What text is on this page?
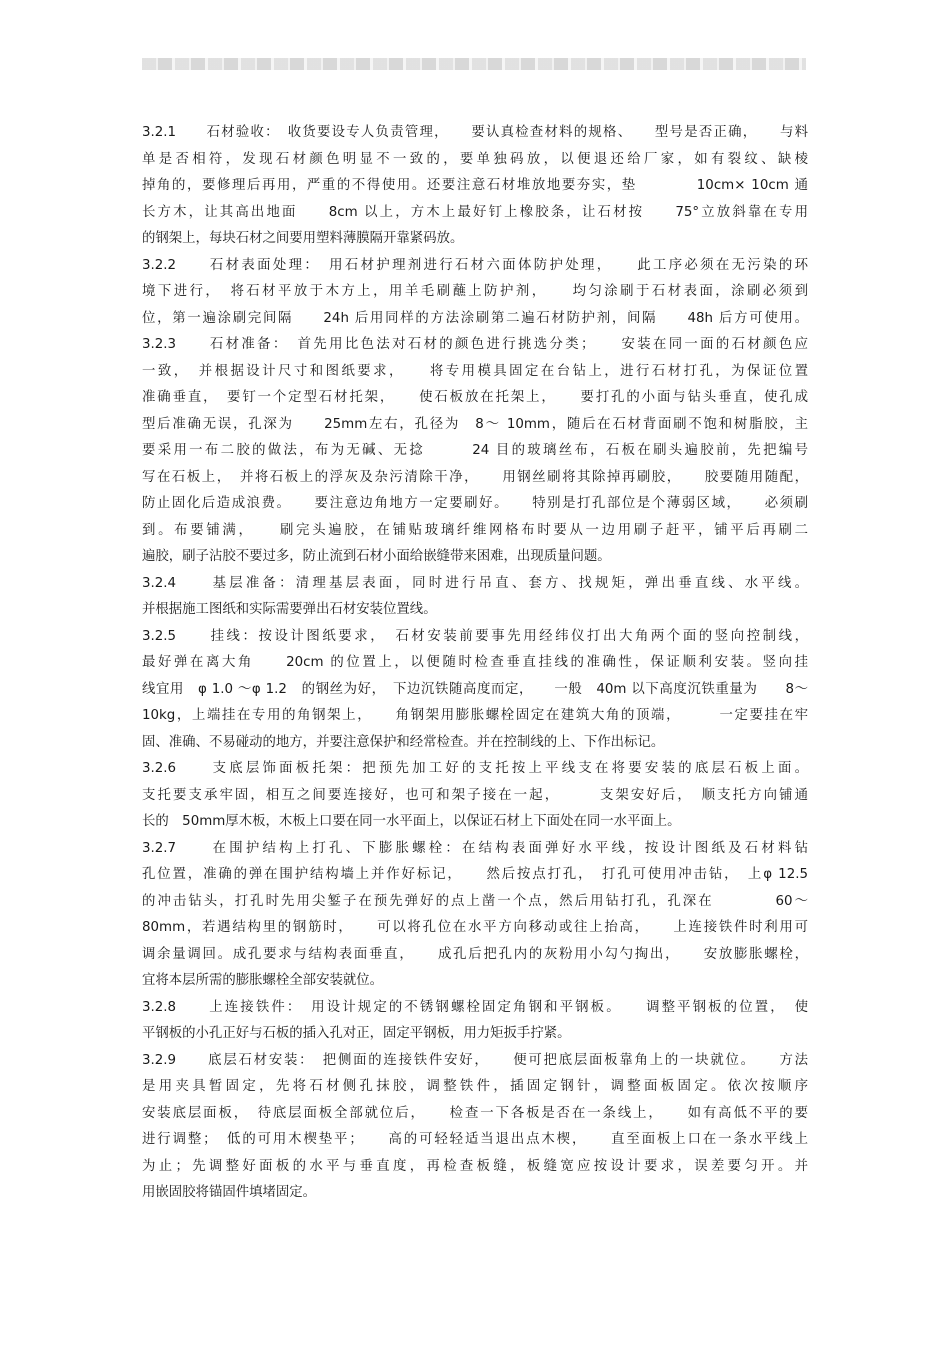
3.2.1　　石材验收：　收货要设专人负责管理，　　要认真检查材料的规格、　　型号是否正确，　　与料
单是否相符，发现石材颜色明显不一致的，要单独码放，以便退还给厂家，如有裂纹、缺棱
掉角的，要修理后再用，严重的不得使用。还要注意石材堆放地要夯实，垫　　　　10cm× 10cm 通
长方木，让其高出地面　　8cm 以上，方木上最好钉上橡胶条，让石材按　　75°立放斜靠在专用
的钢架上，每块石材之间要用塑料薄膜隔开靠紧码放。
3.2.2　　石材表面处理：　用石材护理剂进行石材六面体防护处理，　　此工序必须在无污染的环
境下进行，　将石材平放于木方上，用羊毛刷蘸上防护剂，　　均匀涂刷于石材表面，涂刷必须到
位，第一遍涂刷完间隔　　24h 后用同样的方法涂刷第二遍石材防护剂，间隔　　48h 后方可使用。
3.2.3　　石材准备：　首先用比色法对石材的颜色进行挑选分类；　　安装在同一面的石材颜色应
一致，　并根据设计尺寸和图纸要求，　　将专用模具固定在台钻上，进行石材打孔，为保证位置
准确垂直，　要钉一个定型石材托架，　　使石板放在托架上，　　要打孔的小面与钻头垂直，使孔成
型后准确无误，孔深为　　25mm左右，孔径为　8～ 10mm，随后在石材背面刷不饱和树脂胶，主
要采用一布二胶的做法，布为无碱、无捻　　　24 目的玻璃丝布，石板在刷头遍胶前，先把编号
写在石板上，　并将石板上的浮灰及杂污清除干净，　　用钢丝刷将其除掉再刷胶，　　胶要随用随配，
防止固化后造成浪费。　　要注意边角地方一定要刷好。　　特别是打孔部位是个薄弱区域，　　必须刷
到。布要铺满，　　刷完头遍胶，在铺贴玻璃纤维网格布时要从一边用刷子赶平，铺平后再刷二
遍胶，刷子沾胶不要过多，防止流到石材小面给嵌缝带来困难，出现质量问题。
3.2.4　　基层准备：清理基层表面，同时进行吊直、套方、找规矩，弹出垂直线、水平线。
并根据施工图纸和实际需要弹出石材安装位置线。
3.2.5　　挂线：按设计图纸要求，　石材安装前要事先用经纬仪打出大角两个面的竖向控制线，
最好弹在离大角　　20cm 的位置上，以便随时检查垂直挂线的准确性，保证顺利安装。竖向挂
线宜用　φ 1.0 ～φ 1.2　的钢丝为好，　下边沉铁随高度而定，　　一般　40m 以下高度沉铁重量为　　8～
10kg，上端挂在专用的角钢架上，　　角钢架用膨胀螺栓固定在建筑大角的顶端，　　　一定要挂在牢
固、准确、不易碰动的地方，并要注意保护和经常检查。并在控制线的上、下作出标记。
3.2.6　　支底层饰面板托架：把预先加工好的支托按上平线支在将要安装的底层石板上面。
支托要支承牢固，相互之间要连接好，也可和架子接在一起，　　　支架安好后，　顺支托方向铺通
长的　50mm厚木板，木板上口要在同一水平面上，以保证石材上下面处在同一水平面上。
3.2.7　　在围护结构上打孔、下膨胀螺栓：在结构表面弹好水平线，按设计图纸及石材料钻
孔位置，准确的弹在围护结构墙上并作好标记，　　然后按点打孔，　打孔可使用冲击钻，　上φ 12.5
的冲击钻头，打孔时先用尖錾子在预先弹好的点上凿一个点，然后用钻打孔，孔深在　　　　60～
80mm，若遇结构里的钢筋时，　　可以将孔位在水平方向移动或往上抬高，　　上连接铁件时利用可
调余量调回。成孔要求与结构表面垂直，　　成孔后把孔内的灰粉用小勾勺掏出，　　安放膨胀螺栓，
宜将本层所需的膨胀螺栓全部安装就位。
3.2.8　　上连接铁件：　用设计规定的不锈钢螺栓固定角钢和平钢板。　　调整平钢板的位置，　使
平钢板的小孔正好与石板的插入孔对正，固定平钢板，用力矩扳手拧紧。
3.2.9　　底层石材安装：　把侧面的连接铁件安好，　　便可把底层面板靠角上的一块就位。　　方法
是用夹具暂固定，先将石材侧孔抹胶，调整铁件，插固定钢针，调整面板固定。依次按顺序
安装底层面板，　待底层面板全部就位后，　　检查一下各板是否在一条线上，　　如有高低不平的要
进行调整；　低的可用木楔垫平；　　高的可轻轻适当退出点木楔，　　直至面板上口在一条水平线上
为止；先调整好面板的水平与垂直度，再检查板缝，板缝宽应按设计要求，误差要匀开。并
用嵌固胶将锚固件填堵固定。
